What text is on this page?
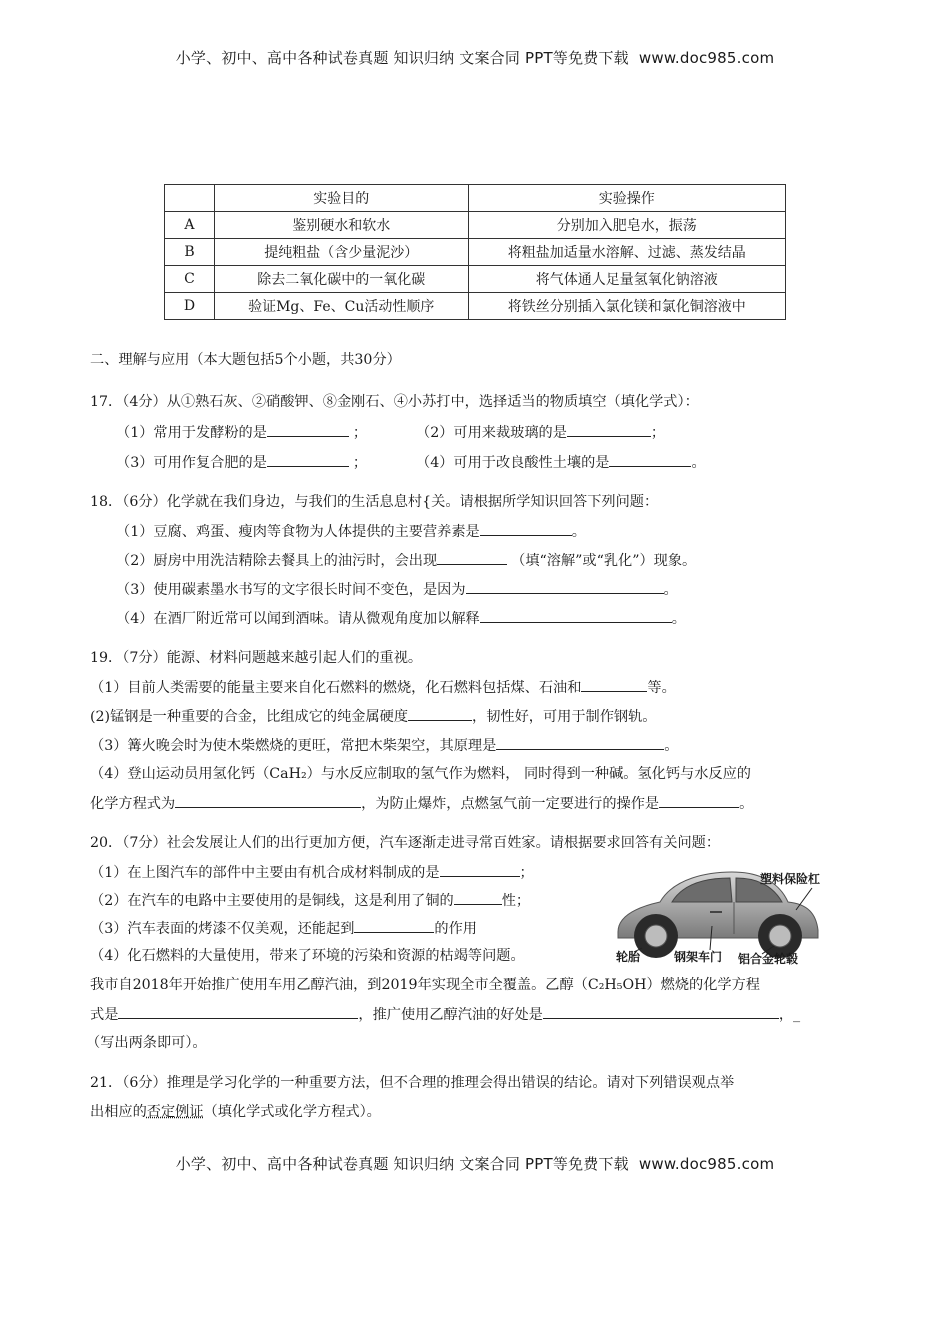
小学、初中、高中各种试卷真题 知识归纳 文案合同 PPT等免费下载 www.doc985.com
	实验目的	实验操作
A	鉴别硬水和软水	分别加入肥皂水，振荡
B	提纯粗盐（含少量泥沙）	将粗盐加适量水溶解、过滤、蒸发结晶
C	除去二氧化碳中的一氧化碳	将气体通人足量氢氧化钠溶液
D	验证Mg、Fe、Cu活动性顺序	将铁丝分别插入氯化镁和氯化铜溶液中
二、理解与应用（本大题包括5个小题，共30分）
17．（4分）从①熟石灰、②硝酸钾、⑧金刚石、④小苏打中，选择适当的物质填空（填化学式）：
（1）常用于发酵粉的是	；	（2）可用来裁玻璃的是	；
（3）可用作复合肥的是	；	（4）可用于改良酸性土壤的是	。
18．（6分）化学就在我们身边，与我们的生活息息村{关。请根据所学知识回答下列问题：
（1）豆腐、鸡蛋、瘦肉等食物为人体提供的主要营养素是	。
（2）厨房中用洗洁精除去餐具上的油污时，会出现	（填“溶解”或“乳化”）现象。
（3）使用碳素墨水书写的文字很长时间不变色，是因为	。
（4）在酒厂附近常可以闻到酒味。请从微观角度加以解释	。
19．（7分）能源、材料问题越来越引起人们的重视。
（1）目前人类需要的能量主要来自化石燃料的燃烧，化石燃料包括煤、石油和	等。
(2)锰钢是一种重要的合金，比组成它的纯金属硬度	，韧性好，可用于制作钢轨。
（3）篝火晚会时为使木柴燃烧的更旺，常把木柴架空，其原理是	。
（4）登山运动员用氢化钙（CaH₂）与水反应制取的氢气作为燃料， 同时得到一种碱。氢化钙与水反应的
化学方程式为	，为防止爆炸，点燃氢气前一定要进行的操作是	。
20．（7分）社会发展让人们的出行更加方便，汽车逐渐走进寻常百姓家。请根据要求回答有关问题：
（1）在上图汽车的部件中主要由有机合成材料制成的是	；
（2）在汽车的电路中主要使用的是铜线，这是利用了铜的	性；
（3）汽车表面的烤漆不仅美观，还能起到	的作用
（4）化石燃料的大量使用，带来了环境的污染和资源的枯竭等问题。
我市自2018年开始推广使用车用乙醇汽油，到2019年实现全市全覆盖。乙醇（C₂H₅OH）燃烧的化学方程
式是	，推广使用乙醇汽油的好处是	，_
（写出两条即可）。
塑料保险杠
轮胎	钢架车门 铝合金轮毂
21．（6分）推理是学习化学的一种重要方法，但不合理的推理会得出错误的结论。请对下列错误观点举
出相应的否定例证（填化学式或化学方程式）。
小学、初中、高中各种试卷真题 知识归纳 文案合同 PPT等免费下载 www.doc985.com
